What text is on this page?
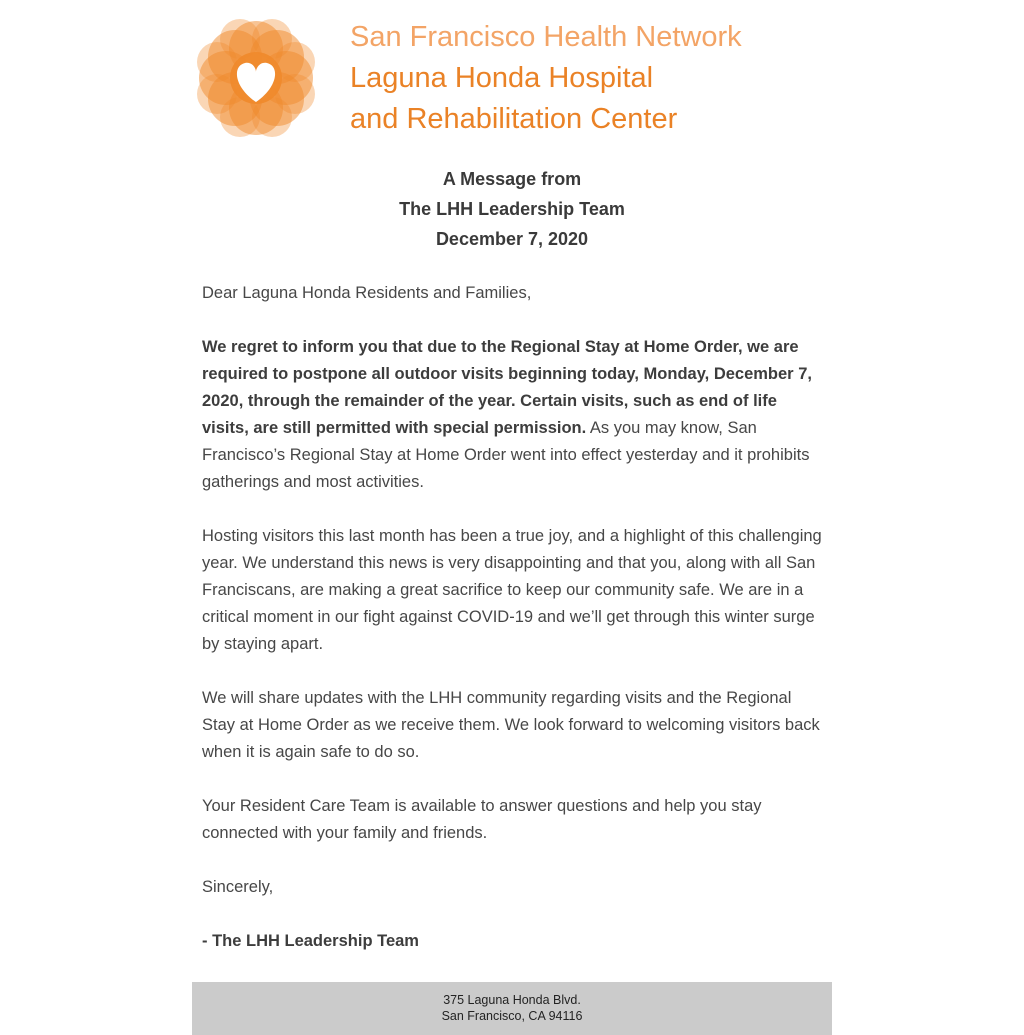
San Francisco Health Network
Laguna Honda Hospital
and Rehabilitation Center
A Message from
The LHH Leadership Team
December 7, 2020

Dear Laguna Honda Residents and Families,

We regret to inform you that due to the Regional Stay at Home Order, we are required to postpone all outdoor visits beginning today, Monday, December 7, 2020, through the remainder of the year. Certain visits, such as end of life visits, are still permitted with special permission. As you may know, San Francisco’s Regional Stay at Home Order went into effect yesterday and it prohibits gatherings and most activities.

Hosting visitors this last month has been a true joy, and a highlight of this challenging year. We understand this news is very disappointing and that you, along with all San Franciscans, are making a great sacrifice to keep our community safe. We are in a critical moment in our fight against COVID-19 and we’ll get through this winter surge by staying apart.

We will share updates with the LHH community regarding visits and the Regional Stay at Home Order as we receive them. We look forward to welcoming visitors back when it is again safe to do so.

Your Resident Care Team is available to answer questions and help you stay connected with your family and friends.

Sincerely,

- The LHH Leadership Team

375 Laguna Honda Blvd.
San Francisco, CA 94116
